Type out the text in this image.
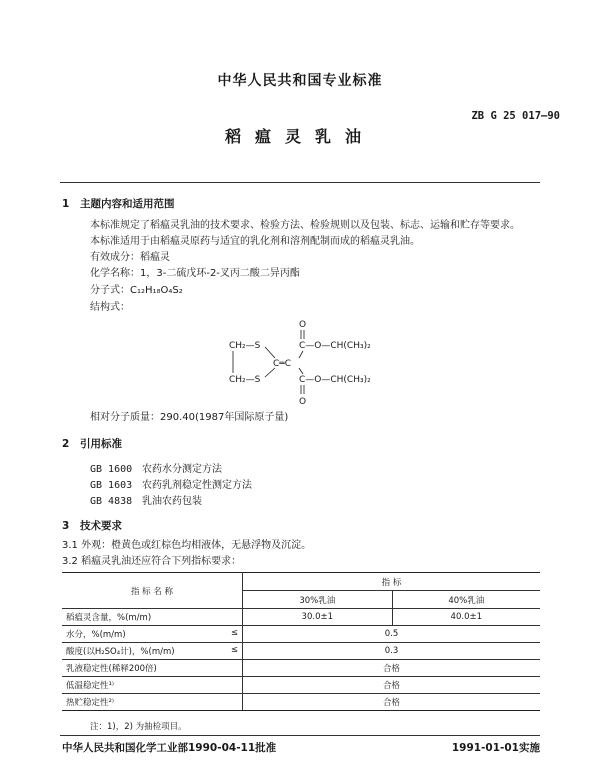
中华人民共和国专业标准
ZB G 25 017—90
稻瘟灵乳油
1 主题内容和适用范围
本标准规定了稻瘟灵乳油的技术要求、检验方法、检验规则以及包装、标志、运输和贮存等要求。
本标准适用于由稻瘟灵原药与适宜的乳化剂和溶剂配制而成的稻瘟灵乳油。
有效成分：稻瘟灵
化学名称：1，3-二硫戊环-2-叉丙二酸二异丙酯
分子式：C₁₂H₁₈O₄S₂
结构式：
O
C—O—CH(CH₃)₂
CH₂—S
CH₂—S
C═C
C—O—CH(CH₃)₂
O
相对分子质量：290.40(1987年国际原子量)
2 引用标准
GB 1600 农药水分测定方法
GB 1603 农药乳剂稳定性测定方法
GB 4838 乳油农药包装
3 技术要求
3.1 外观：橙黄色或红棕色均相液体，无悬浮物及沉淀。
3.2 稻瘟灵乳油还应符合下列指标要求：
指 标 名 称	指 标	
	30%乳油	40%乳油
稻瘟灵含量，%(m/m)	30.0±1	40.0±1
水分，%(m/m) ≤	0.5	
酸度(以H₂SO₄计)，%(m/m) ≤	0.3	
乳液稳定性(稀释200倍)	合格	
低温稳定性¹⁾	合格	
热贮稳定性²⁾	合格	
注：1)，2) 为抽检项目。
中华人民共和国化学工业部1990-04-11批准	1991-01-01实施
